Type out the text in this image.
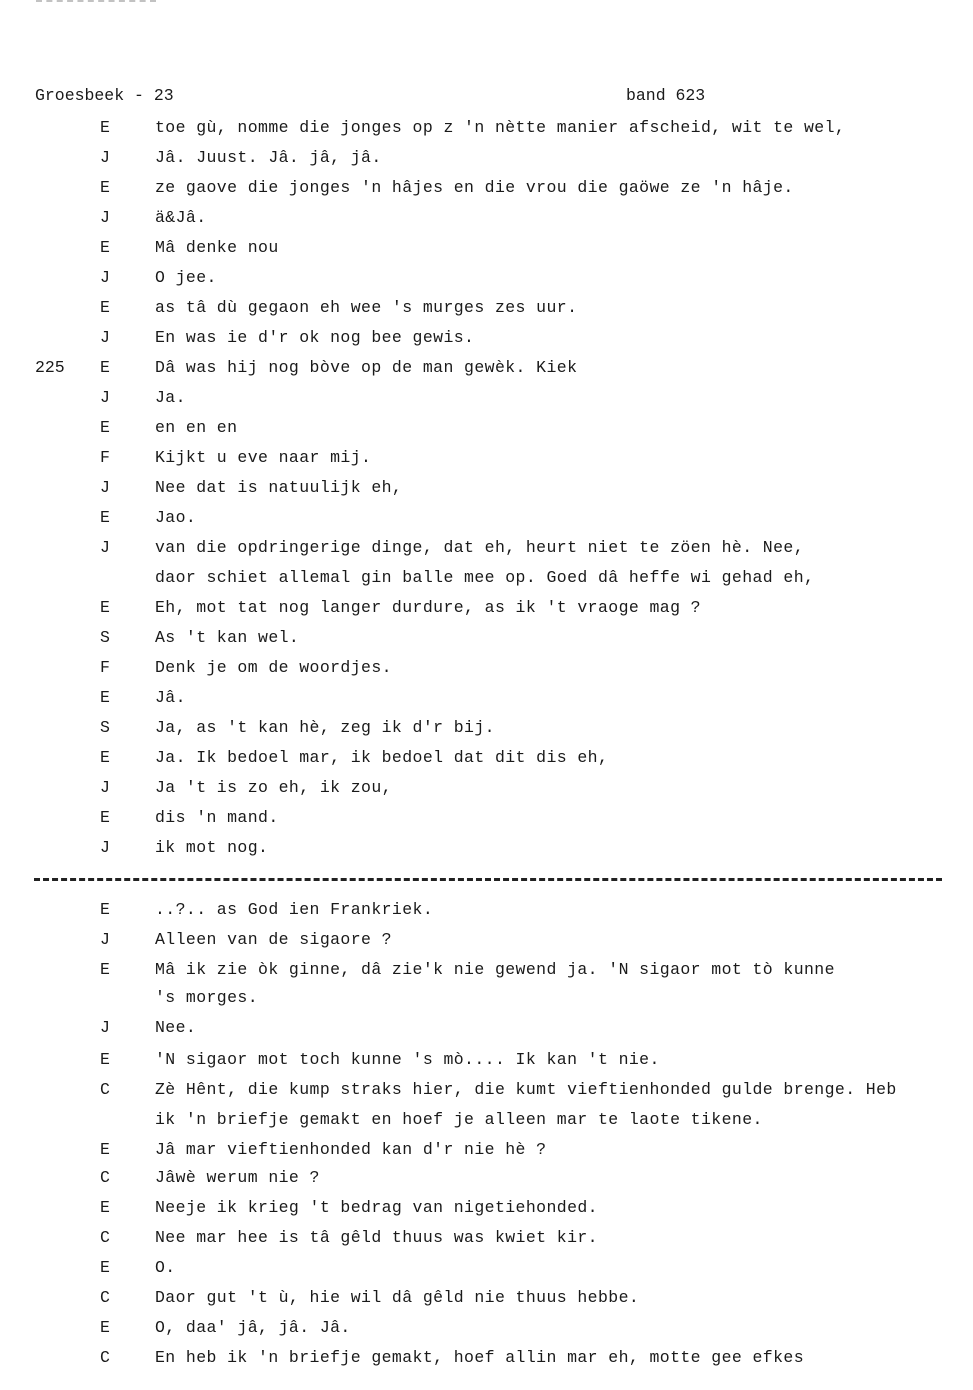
Groesbeek - 23	band 623
E	toe gù, nomme die jonges op z 'n nètte manier afscheid, wit te wel,
J	Jâ. Juust. Jâ. jâ, jâ.
E	ze gaove die jonges 'n hâjes en die vrou die gaöwe ze 'n hâje.
J	ä&Jâ.
E	Mâ denke nou
J	O jee.
E	as tâ dù gegaon eh wee 's murges zes uur.
J	En was ie d'r ok nog bee gewis.
225 E	Dâ was hij nog bòve op de man gewèk. Kiek
J	Ja.
E	en en en
F	Kijkt u eve naar mij.
J	Nee dat is natuulijk eh,
E	Jao.
J	van die opdringerige dinge, dat eh, heurt niet te zöen hè. Nee,
daor schiet allemal gin balle mee op. Goed dâ heffe wi gehad eh,
E	Eh, mot tat nog langer durdure, as ik 't vraoge mag ?
S	As 't kan wel.
F	Denk je om de woordjes.
E	Jâ.
S	Ja, as 't kan hè, zeg ik d'r bij.
E	Ja. Ik bedoel mar, ik bedoel dat dit dis eh,
J	Ja 't is zo eh, ik zou,
E	dis 'n mand.
J	ik mot nog.
E	..?.. as God ien Frankriek.
J	Alleen van de sigaore ?
E	Mâ ik zie òk ginne, dâ zie'k nie gewend ja. 'N sigaor mot tò kunne
's morges.
J	Nee.
E	'N sigaor mot toch kunne 's mò.... Ik kan 't nie.
C	Zè Hênt, die kump straks hier, die kumt vieftienhonded gulde brenge. Heb
ik 'n briefje gemakt en hoef je alleen mar te laote tikene.
E	Jâ mar vieftienhonded kan d'r nie hè ?
C	Jâwè werum nie ?
E	Neeje ik krieg 't bedrag van nigetiehonded.
C	Nee mar hee is tâ gêld thuus was kwiet kir.
E	O.
C	Daor gut 't ù, hie wil dâ gêld nie thuus hebbe.
E	O, daa' jâ, jâ. Jâ.
C	En heb ik 'n briefje gemakt, hoef allin mar eh, motte gee efkes
